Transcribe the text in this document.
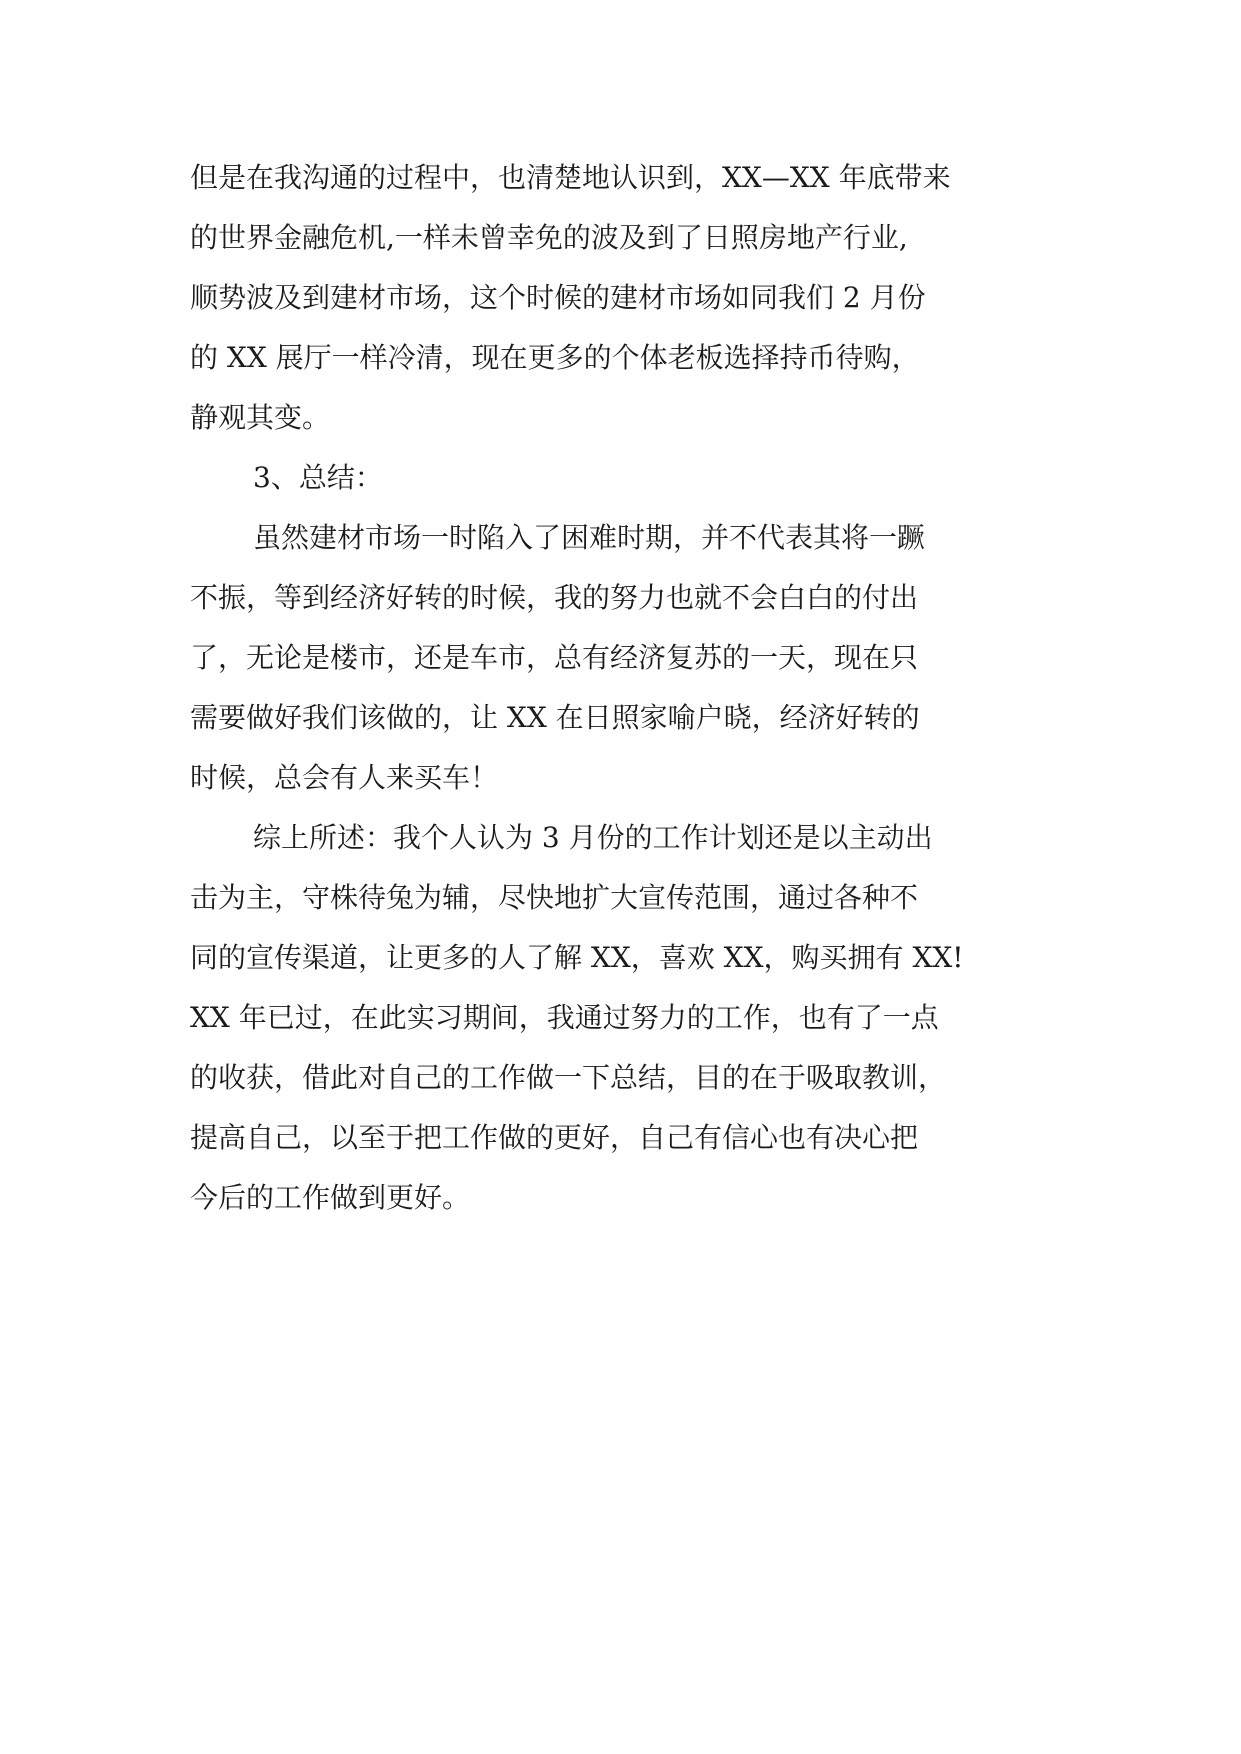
但是在我沟通的过程中，也清楚地认识到，XX—XX 年底带来
的世界金融危机,一样未曾幸免的波及到了日照房地产行业,
顺势波及到建材市场，这个时候的建材市场如同我们 2 月份
的 XX 展厅一样冷清，现在更多的个体老板选择持币待购，
静观其变。
3、总结：
虽然建材市场一时陷入了困难时期，并不代表其将一蹶
不振，等到经济好转的时候，我的努力也就不会白白的付出
了，无论是楼市，还是车市，总有经济复苏的一天，现在只
需要做好我们该做的，让 XX 在日照家喻户晓，经济好转的
时候，总会有人来买车！
综上所述：我个人认为 3 月份的工作计划还是以主动出
击为主，守株待兔为辅，尽快地扩大宣传范围，通过各种不
同的宣传渠道，让更多的人了解 XX，喜欢 XX，购买拥有 XX!
XX 年已过，在此实习期间，我通过努力的工作，也有了一点
的收获，借此对自己的工作做一下总结，目的在于吸取教训，
提高自己，以至于把工作做的更好，自己有信心也有决心把
今后的工作做到更好。
